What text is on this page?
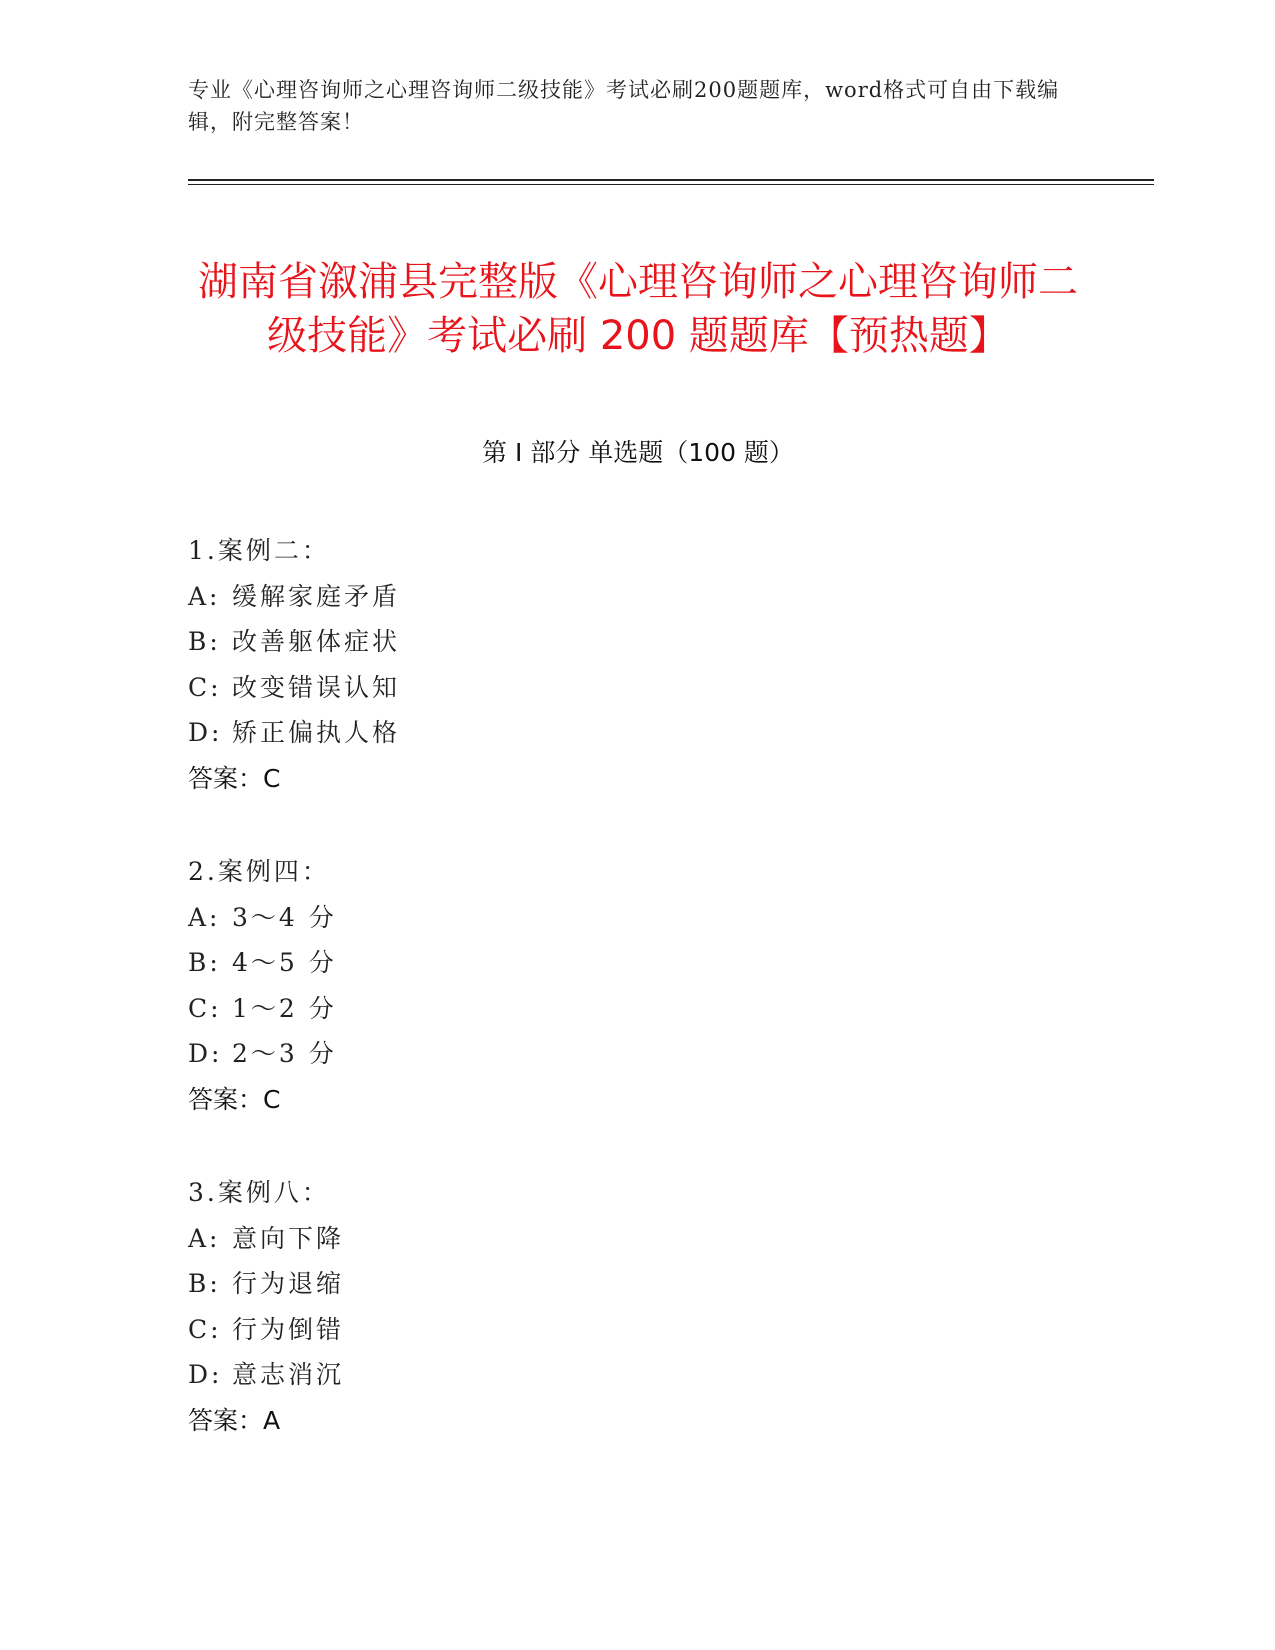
专业《心理咨询师之心理咨询师二级技能》考试必刷200题题库，word格式可自由下载编辑，附完整答案！
湖南省溆浦县完整版《心理咨询师之心理咨询师二级技能》考试必刷 200 题题库【预热题】
第 I 部分 单选题（100 题）
1.案例二：
A: 缓解家庭矛盾
B: 改善躯体症状
C: 改变错误认知
D: 矫正偏执人格
答案：C
2.案例四：
A: 3～4 分
B: 4～5 分
C: 1～2 分
D: 2～3 分
答案：C
3.案例八：
A: 意向下降
B: 行为退缩
C: 行为倒错
D: 意志消沉
答案：A
